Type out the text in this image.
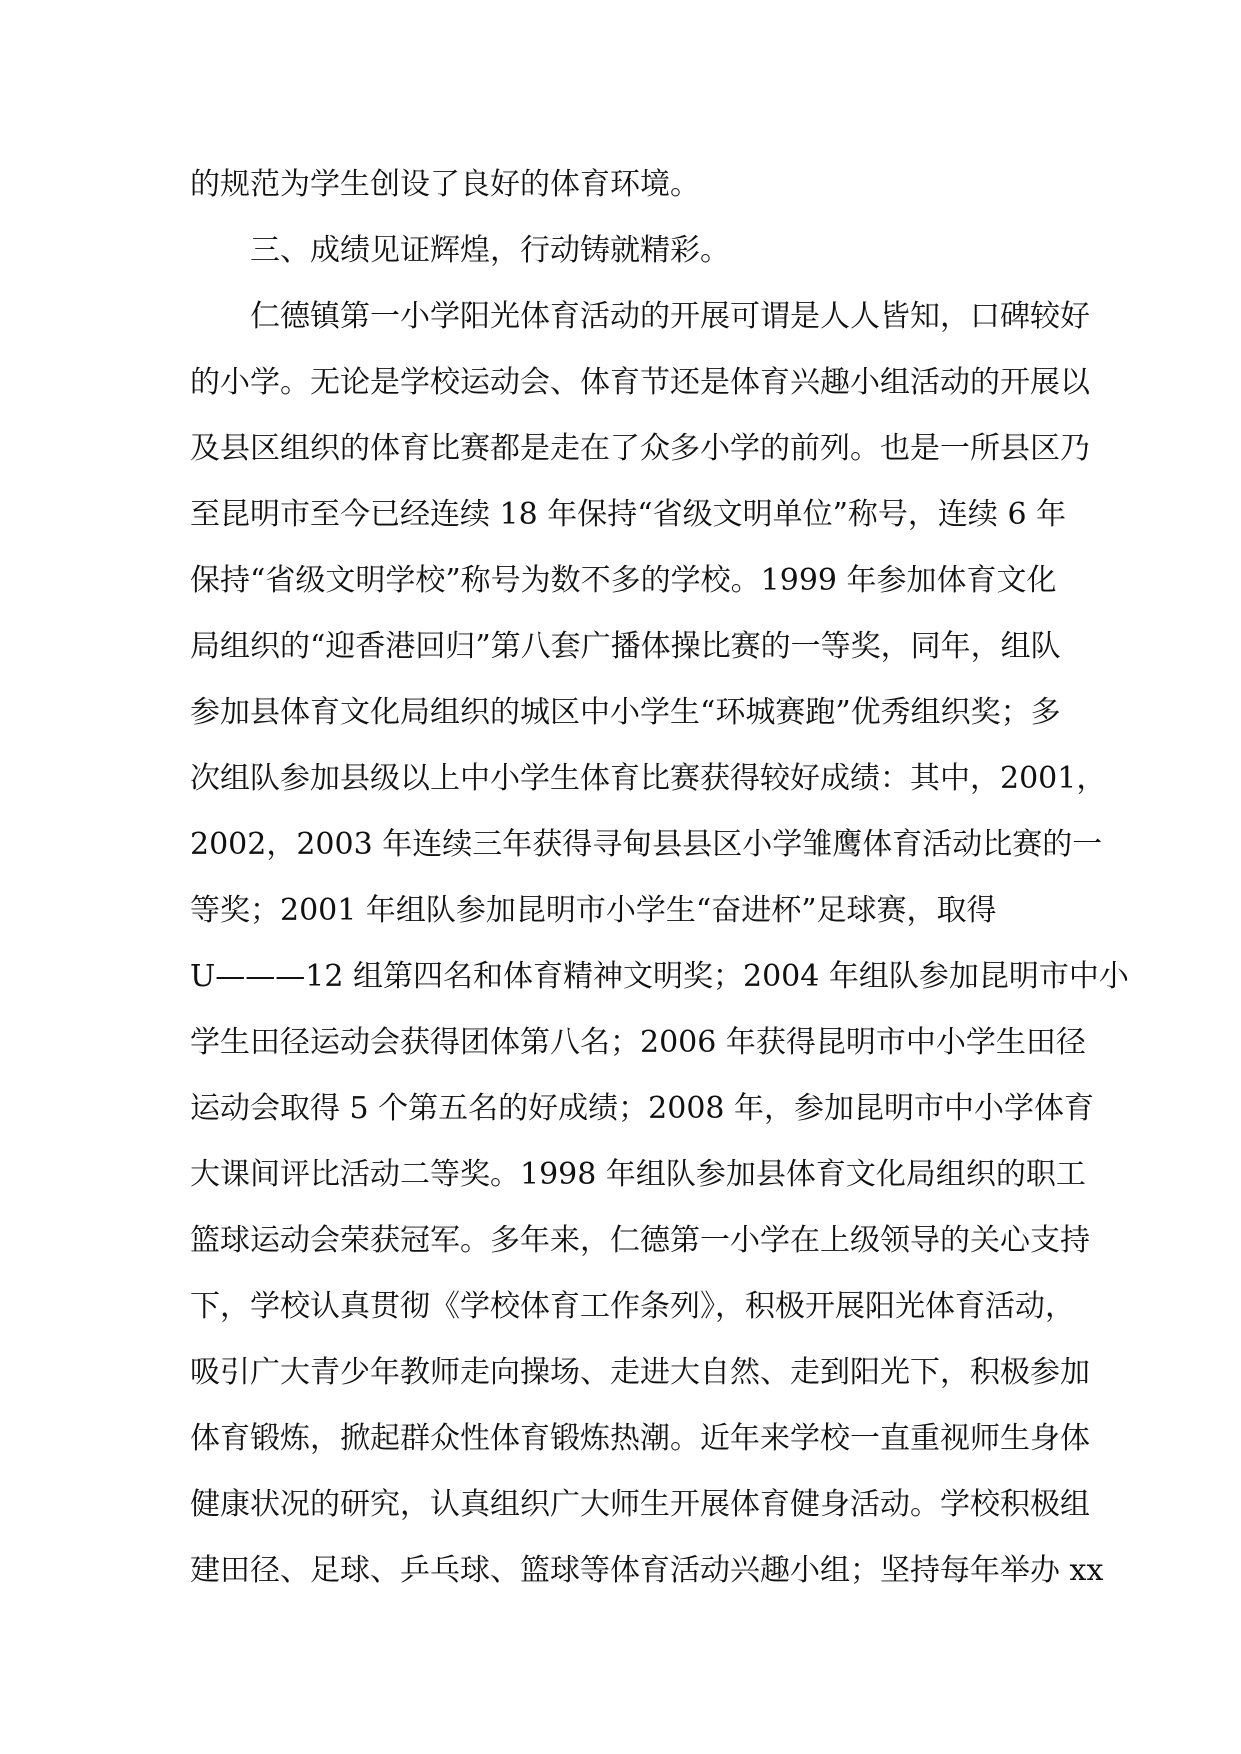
的规范为学生创设了良好的体育环境。
三、成绩见证辉煌，行动铸就精彩。
仁德镇第一小学阳光体育活动的开展可谓是人人皆知，口碑较好
的小学。无论是学校运动会、体育节还是体育兴趣小组活动的开展以
及县区组织的体育比赛都是走在了众多小学的前列。也是一所县区乃
至昆明市至今已经连续 18 年保持“省级文明单位”称号，连续 6 年
保持“省级文明学校”称号为数不多的学校。1999 年参加体育文化
局组织的“迎香港回归”第八套广播体操比赛的一等奖，同年，组队
参加县体育文化局组织的城区中小学生“环城赛跑”优秀组织奖；多
次组队参加县级以上中小学生体育比赛获得较好成绩：其中，2001，
2002，2003 年连续三年获得寻甸县县区小学雏鹰体育活动比赛的一
等奖；2001 年组队参加昆明市小学生“奋进杯”足球赛，取得
U———12 组第四名和体育精神文明奖；2004 年组队参加昆明市中小
学生田径运动会获得团体第八名；2006 年获得昆明市中小学生田径
运动会取得 5 个第五名的好成绩；2008 年，参加昆明市中小学体育
大课间评比活动二等奖。1998 年组队参加县体育文化局组织的职工
篮球运动会荣获冠军。多年来，仁德第一小学在上级领导的关心支持
下，学校认真贯彻《学校体育工作条列》，积极开展阳光体育活动，
吸引广大青少年教师走向操场、走进大自然、走到阳光下，积极参加
体育锻炼，掀起群众性体育锻炼热潮。近年来学校一直重视师生身体
健康状况的研究，认真组织广大师生开展体育健身活动。学校积极组
建田径、足球、乒乓球、篮球等体育活动兴趣小组；坚持每年举办 xx
